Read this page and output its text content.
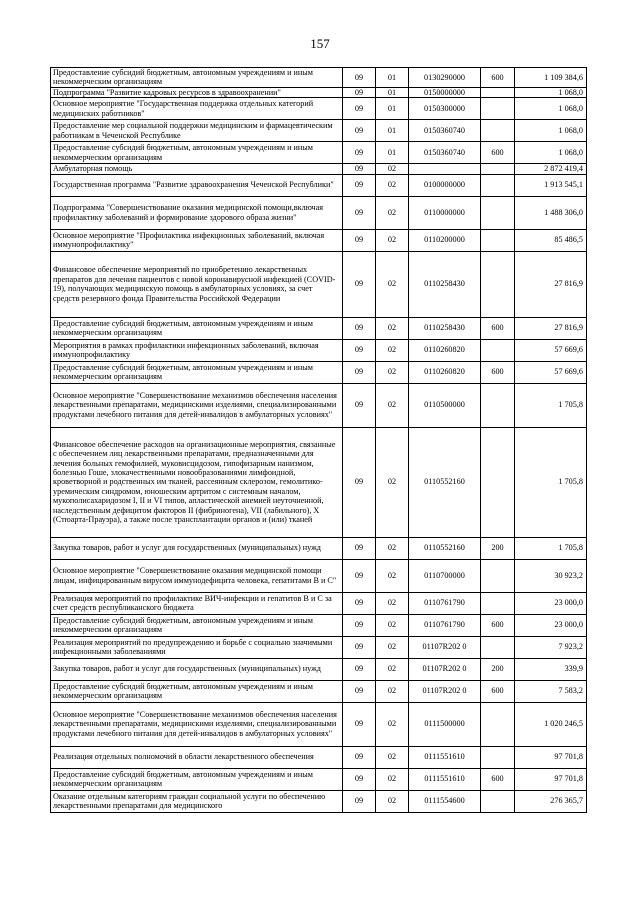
157
Предоставление субсидий бюджетным, автономным учреждениям и иным некоммерческим организациям	09	01	0130290000	600	1 109 384,6
Подпрограмма "Развитие кадровых ресурсов в здравоохранении"	09	01	0150000000		1 068,0
Основное мероприятие "Государственная поддержка отдельных категорий медицинских работников"	09	01	0150300000		1 068,0
Предоставление мер социальной поддержки медицинским и фармацевтическим работникам в Чеченской Республике	09	01	0150360740		1 068,0
Предоставление субсидий бюджетным, автономным учреждениям и иным некоммерческим организациям	09	01	0150360740	600	1 068,0
Амбулаторная помощь	09	02			2 872 419,4
Государственная программа "Развитие здравоохранения Чеченской Республики"	09	02	0100000000		1 913 545,1
Подпрограмма "Совершенствование оказания медицинской помощи,включая профилактику заболеваний и формирование здорового образа жизни"	09	02	0110000000		1 488 306,0
Основное мероприятие "Профилактика инфекционных заболеваний, включая иммунопрофилактику"	09	02	0110200000		85 486,5
Финансовое обеспечение мероприятий по приобретению лекарственных препаратов для лечения пациентов с новой коронавирусной инфекцией (COVID-19), получающих медицинскую помощь в амбулаторных условиях, за счет средств резервного фонда Правительства Российской Федерации	09	02	0110258430		27 816,9
Предоставление субсидий бюджетным, автономным учреждениям и иным некоммерческим организациям	09	02	0110258430	600	27 816,9
Мероприятия в рамках профилактики инфекционных заболеваний, включая иммунопрофилактику	09	02	0110260820		57 669,6
Предоставление субсидий бюджетным, автономным учреждениям и иным некоммерческим организациям	09	02	0110260820	600	57 669,6
Основное мероприятие "Совершенствование механизмов обеспечения населения лекарственными препаратами, медицинскими изделиями, специализированными продуктами лечебного питания для детей-инвалидов в амбулаторных условиях"	09	02	0110500000		1 705,8
Финансовое обеспечение расходов на организационные мероприятия, связанные с обеспечением лиц лекарственными препаратами, предназначенными для лечения больных гемофилией, муковисцидозом, гипофизарным нанизмом, болезнью Гоше, злокачественными новообразованиями лимфоидной, кроветворной и родственных им тканей, рассеянным склерозом, гемолитико-уремическим синдромом, юношеским артритом с системным началом, мукополисахаридозом I, II и VI типов, апластической анемией неуточненной, наследственным дефицитом факторов II (фибриногена), VII (лабильного), X (Стюарта-Прауэра), а также после трансплантации органов и (или) тканей	09	02	0110552160		1 705,8
Закупка товаров, работ и услуг для государственных (муниципальных) нужд	09	02	0110552160	200	1 705,8
Основное мероприятие "Совершенствование оказания медицинской помощи лицам, инфицированным вирусом иммунодефицита человека, гепатитами В и С"	09	02	0110700000		30 923,2
Реализация мероприятий по профилактике ВИЧ-инфекции и гепатитов В и С за счет средств республиканского бюджета	09	02	0110761790		23 000,0
Предоставление субсидий бюджетным, автономным учреждениям и иным некоммерческим организациям	09	02	0110761790	600	23 000,0
Реализация мероприятий по предупреждению и борьбе с социально значимыми инфекционными заболеваниями	09	02	01107R202 0		7 923,2
Закупка товаров, работ и услуг для государственных (муниципальных) нужд	09	02	01107R202 0	200	339,9
Предоставление субсидий бюджетным, автономным учреждениям и иным некоммерческим организациям	09	02	01107R202 0	600	7 583,2
Основное мероприятие "Совершенствование механизмов обеспечения населения лекарственными препаратами, медицинскими изделиями, специализированными продуктами лечебного питания для детей-инвалидов в амбулаторных условиях"	09	02	0111500000		1 020 246,5
Реализация отдельных полномочий в области лекарственного обеспечения	09	02	0111551610		97 701,8
Предоставление субсидий бюджетным, автономным учреждениям и иным некоммерческим организациям	09	02	0111551610	600	97 701,8
Оказание отдельным категориям граждан социальной услуги по обеспечению лекарственными препаратами для медицинского	09	02	0111554600		276 365,7
